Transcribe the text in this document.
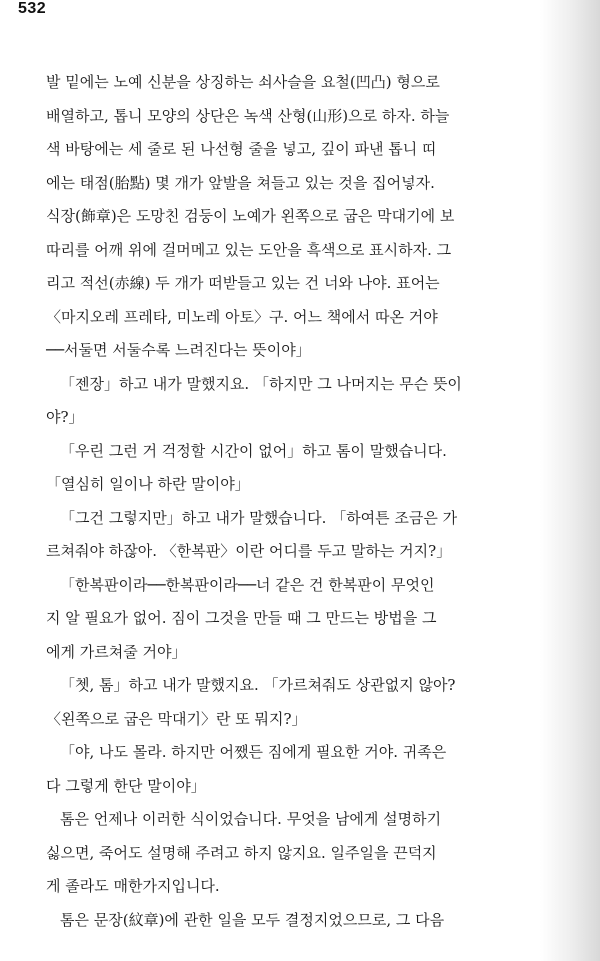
532
발 밑에는 노예 신분을 상징하는 쇠사슬을 요철(凹凸) 형으로
배열하고, 톱니 모양의 상단은 녹색 산형(山形)으로 하자. 하늘
색 바탕에는 세 줄로 된 나선형 줄을 넣고, 깊이 파낸 톱니 띠
에는 태점(胎點) 몇 개가 앞발을 쳐들고 있는 것을 집어넣자.
식장(飾章)은 도망친 검둥이 노예가 왼쪽으로 굽은 막대기에 보
따리를 어깨 위에 걸머메고 있는 도안을 흑색으로 표시하자. 그
리고 적선(赤線) 두 개가 떠받들고 있는 건 너와 나야. 표어는
〈마지오레 프레타, 미노레 아토〉구. 어느 책에서 따온 거야
──서둘면 서둘수록 느려진다는 뜻이야」
「젠장」하고 내가 말했지요. 「하지만 그 나머지는 무슨 뜻이
야?」
「우린 그런 거 걱정할 시간이 없어」하고 톰이 말했습니다.
「열심히 일이나 하란 말이야」
「그건 그렇지만」하고 내가 말했습니다. 「하여튼 조금은 가
르쳐줘야 하잖아. 〈한복판〉이란 어디를 두고 말하는 거지?」
「한복판이라──한복판이라──너 같은 건 한복판이 무엇인
지 알 필요가 없어. 짐이 그것을 만들 때 그 만드는 방법을 그
에게 가르쳐줄 거야」
「쳇, 톰」하고 내가 말했지요. 「가르쳐줘도 상관없지 않아?
〈왼쪽으로 굽은 막대기〉란 또 뭐지?」
「야, 나도 몰라. 하지만 어쨌든 짐에게 필요한 거야. 귀족은
다 그렇게 한단 말이야」
톰은 언제나 이러한 식이었습니다. 무엇을 남에게 설명하기
싫으면, 죽어도 설명해 주려고 하지 않지요. 일주일을 끈덕지
게 졸라도 매한가지입니다.
톰은 문장(紋章)에 관한 일을 모두 결정지었으므로, 그 다음
